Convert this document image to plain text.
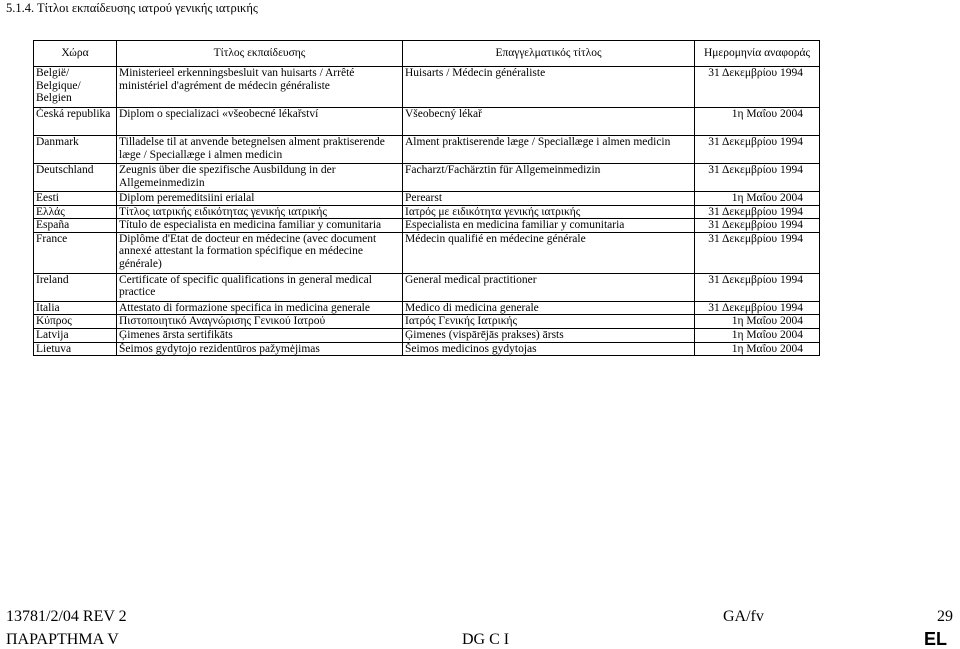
5.1.4. Τίτλοι εκπαίδευσης ιατρού γενικής ιατρικής
Χώρα	Τίτλος εκπαίδευσης	Επαγγελματικός τίτλος	Ημερομηνία αναφοράς
België/ Belgique/ Belgien	Ministerieel erkenningsbesluit van huisarts / Arrêté ministériel d'agrément de médecin généraliste	Huisarts / Médecin généraliste	31 Δεκεμβρίου 1994
Česká republika	Diplom o specializaci «všeobecné lékařství	Všeobecný lékař	1η Μαΐου 2004
Danmark	Tilladelse til at anvende betegnelsen alment praktiserende læge / Speciallæge i almen medicin	Alment praktiserende læge / Speciallæge i almen medicin	31 Δεκεμβρίου 1994
Deutschland	Zeugnis über die spezifische Ausbildung in der Allgemeinmedizin	Facharzt/Fachärztin für Allgemeinmedizin	31 Δεκεμβρίου 1994
Eesti	Diplom peremeditsiini erialal	Perearst	1η Μαΐου 2004
Ελλάς	Τίτλος ιατρικής ειδικότητας γενικής ιατρικής	Ιατρός με ειδικότητα γενικής ιατρικής	31 Δεκεμβρίου 1994
España	Título de especialista en medicina familiar y comunitaria	Especialista en medicina familiar y comunitaria	31 Δεκεμβρίου 1994
France	Diplôme d'Etat de docteur en médecine (avec document annexé attestant la formation spécifique en médecine générale)	Médecin qualifié en médecine générale	31 Δεκεμβρίου 1994
Ireland	Certificate of specific qualifications in general medical practice	General medical practitioner	31 Δεκεμβρίου 1994
Italia	Attestato di formazione specifica in medicina generale	Medico di medicina generale	31 Δεκεμβρίου 1994
Κύπρος	Πιστοποιητικό Αναγνώρισης Γενικού Ιατρού	Ιατρός Γενικής Ιατρικής	1η Μαΐου 2004
Latvija	Ģimenes ārsta sertifikāts	Ģimenes (vispārējās prakses) ārsts	1η Μαΐου 2004
Lietuva	Šeimos gydytojo rezidentūros pažymėjimas	Šeimos medicinos gydytojas	1η Μαΐου 2004
13781/2/04 REV 2	GA/fv	29
ΠΑΡΑΡΤΗΜΑ V	DG C I	EL
